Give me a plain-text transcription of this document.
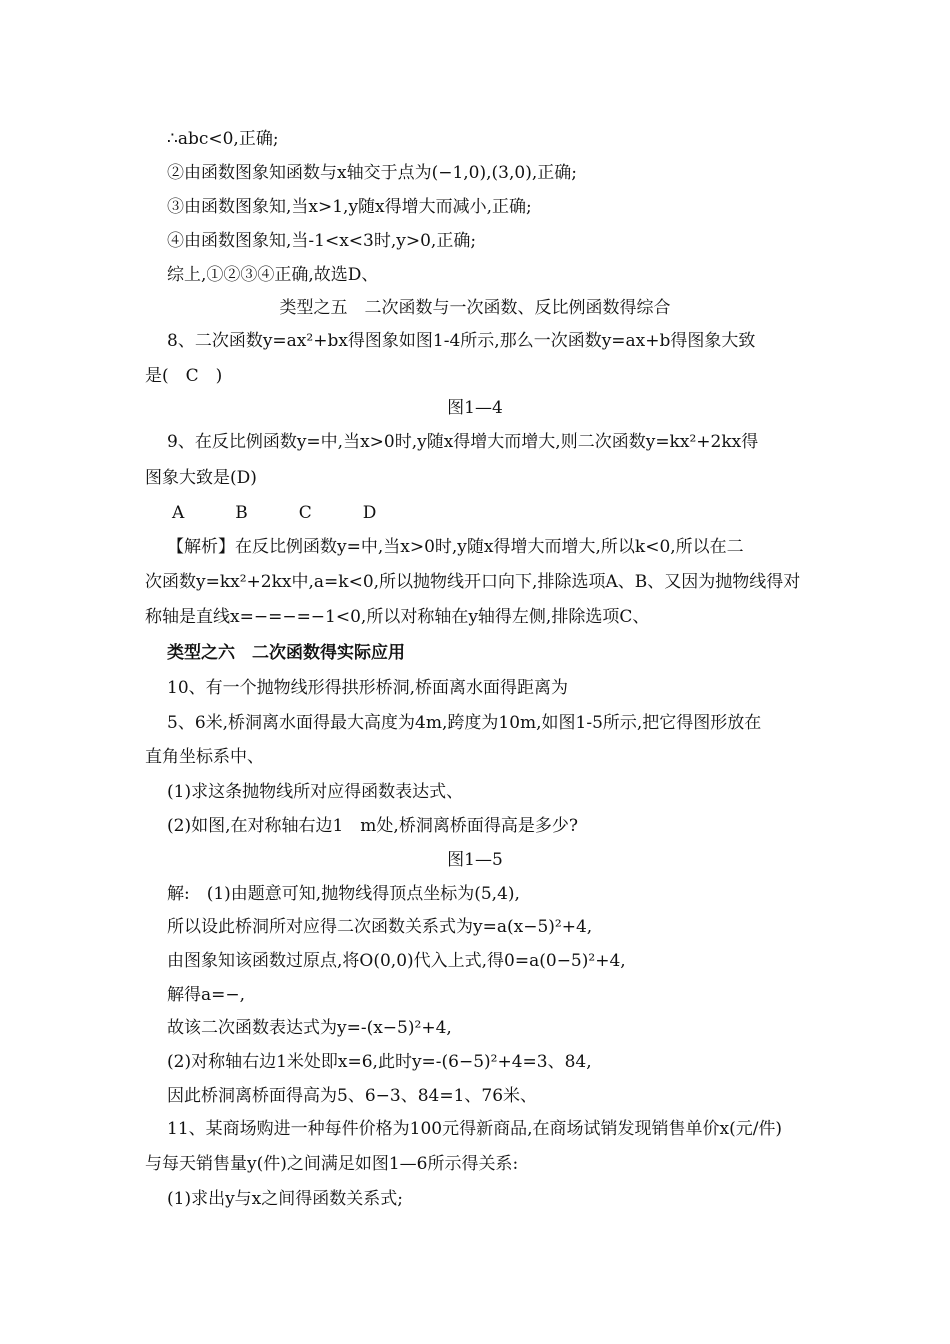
∴abc<0,正确;
②由函数图象知函数与x轴交于点为(−1,0),(3,0),正确;
③由函数图象知,当x>1,y随x得增大而减小,正确;
④由函数图象知,当-1<x<3时,y>0,正确;
综上,①②③④正确,故选D、
类型之五　二次函数与一次函数、反比例函数得综合
8、二次函数y=ax²+bx得图象如图1-4所示,那么一次函数y=ax+b得图象大致
是(　C　)
图1—4
9、在反比例函数y=中,当x>0时,y随x得增大而增大,则二次函数y=kx²+2kx得
图象大致是(D)
A　　　B　　　C　　　D
【解析】在反比例函数y=中,当x>0时,y随x得增大而增大,所以k<0,所以在二
次函数y=kx²+2kx中,a=k<0,所以抛物线开口向下,排除选项A、B、又因为抛物线得对
称轴是直线x=−=−=−1<0,所以对称轴在y轴得左侧,排除选项C、
类型之六　二次函数得实际应用
10、有一个抛物线形得拱形桥洞,桥面离水面得距离为
5、6米,桥洞离水面得最大高度为4m,跨度为10m,如图1-5所示,把它得图形放在
直角坐标系中、
(1)求这条抛物线所对应得函数表达式、
(2)如图,在对称轴右边1　m处,桥洞离桥面得高是多少?
图1—5
解:　(1)由题意可知,抛物线得顶点坐标为(5,4),
所以设此桥洞所对应得二次函数关系式为y=a(x−5)²+4,
由图象知该函数过原点,将O(0,0)代入上式,得0=a(0−5)²+4,
解得a=−,
故该二次函数表达式为y=-(x−5)²+4,
(2)对称轴右边1米处即x=6,此时y=-(6−5)²+4=3、84,
因此桥洞离桥面得高为5、6−3、84=1、76米、
11、某商场购进一种每件价格为100元得新商品,在商场试销发现销售单价x(元/件)
与每天销售量y(件)之间满足如图1—6所示得关系:
(1)求出y与x之间得函数关系式;
